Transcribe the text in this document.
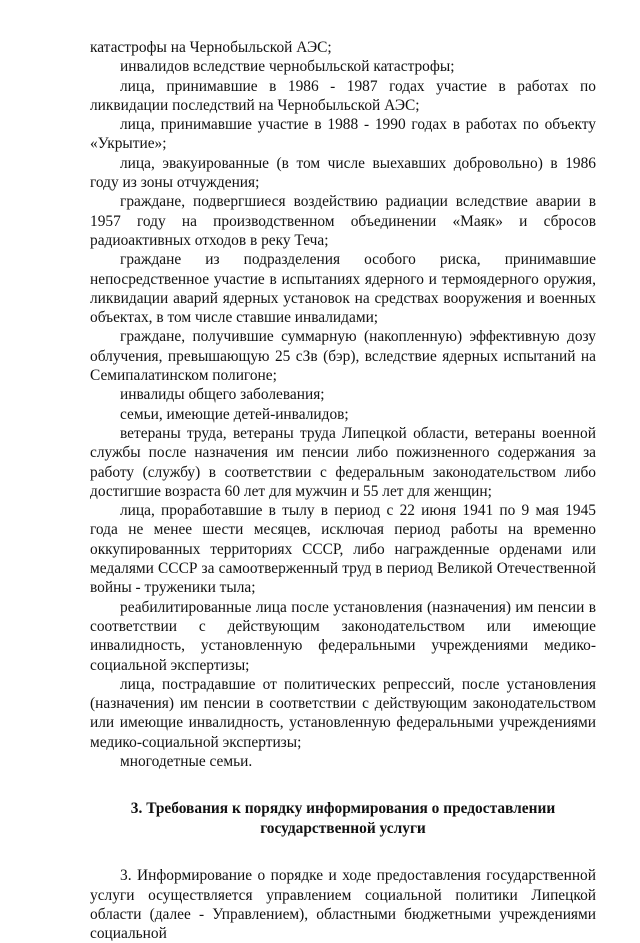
катастрофы на Чернобыльской АЭС;

инвалидов вследствие чернобыльской катастрофы;

лица, принимавшие в 1986 - 1987 годах участие в работах по ликвидации последствий на Чернобыльской АЭС;

лица, принимавшие участие в 1988 - 1990 годах в работах по объекту «Укрытие»;

лица, эвакуированные (в том числе выехавших добровольно) в 1986 году из зоны отчуждения;

граждане, подвергшиеся воздействию радиации вследствие аварии в 1957 году на производственном объединении «Маяк» и сбросов радиоактивных отходов в реку Теча;

граждане из подразделения особого риска, принимавшие непосредственное участие в испытаниях ядерного и термоядерного оружия, ликвидации аварий ядерных установок на средствах вооружения и военных объектах, в том числе ставшие инвалидами;

граждане, получившие суммарную (накопленную) эффективную дозу облучения, превышающую 25 сЗв (бэр), вследствие ядерных испытаний на Семипалатинском полигоне;

инвалиды общего заболевания;

семьи, имеющие детей-инвалидов;

ветераны труда, ветераны труда Липецкой области, ветераны военной службы после назначения им пенсии либо пожизненного содержания за работу (службу) в соответствии с федеральным законодательством либо достигшие возраста 60 лет для мужчин и 55 лет для женщин;

лица, проработавшие в тылу в период с 22 июня 1941 по 9 мая 1945 года не менее шести месяцев, исключая период работы на временно оккупированных территориях СССР, либо награжденные орденами или медалями СССР за самоотверженный труд в период Великой Отечественной войны - труженики тыла;

реабилитированные лица после установления (назначения) им пенсии в соответствии с действующим законодательством или имеющие инвалидность, установленную федеральными учреждениями медико-социальной экспертизы;

лица, пострадавшие от политических репрессий, после установления (назначения) им пенсии в соответствии с действующим законодательством или имеющие инвалидность, установленную федеральными учреждениями медико-социальной экспертизы;

многодетные семьи.

3. Требования к порядку информирования о предоставлении государственной услуги

3. Информирование о порядке и ходе предоставления государственной услуги осуществляется управлением социальной политики Липецкой области (далее - Управлением), областными бюджетными учреждениями социальной
